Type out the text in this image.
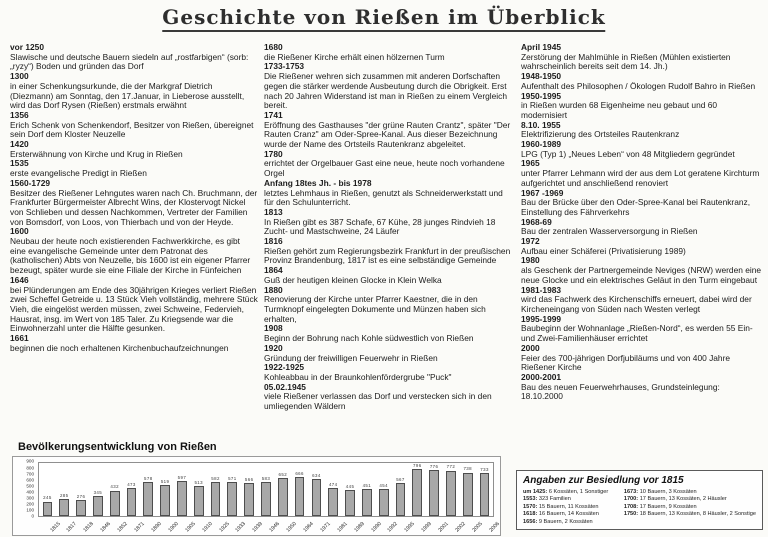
Geschichte von Rießen im Überblick
vor 1250
Slawische und deutsche Bauern siedeln auf „rostfarbigen“ (sorb: „ryzy“) Boden und gründen das Dorf
1300
in einer Schenkungsurkunde, die der Markgraf Dietrich (Diezmann) am Sonntag, den 17.Januar, in Lieberose ausstellt, wird das Dorf Rysen (Rießen) erstmals erwähnt
1356
Erich Schenk von Schenkendorf, Besitzer von Rießen, übereignet sein Dorf dem Kloster Neuzelle
1420
Ersterwähnung von Kirche und Krug in Rießen
1535
erste evangelische Predigt in Rießen
1560-1729
Besitzer des Rießener Lehngutes waren nach Ch. Bruchmann, der Frankfurter Bürgermeister Albrecht Wins, der Klostervogt Nickel von Schlieben und dessen Nachkommen, Vertreter der Familien von Bomsdorf, von Loos, von Thierbach und von der Heyde.
1600
Neubau der heute noch existierenden Fachwerkkirche, es gibt eine evangelische Gemeinde unter dem Patronat des (katholischen) Abts von Neuzelle, bis 1600 ist ein eigener Pfarrer bezeugt, später wurde sie eine Filiale der Kirche in Fünfeichen
1646
bei Plünderungen am Ende des 30jährigen Krieges verliert Rießen zwei Scheffel Getreide u. 13 Stück Vieh vollständig, mehrere Stück Vieh, die eingelöst werden müssen, zwei Schweine, Federvieh, Hausrat, insg. im Wert von 185 Taler. Zu Kriegsende war die Einwohnerzahl unter die Hälfte gesunken.
1661
beginnen die noch erhaltenen Kirchenbuchaufzeichnungen
1680
die Rießener Kirche erhält einen hölzernen Turm
1733-1753
Die Rießener wehren sich zusammen mit anderen Dorfschaften gegen die stärker werdende Ausbeutung durch die Obrigkeit. Erst nach 20 Jahren Widerstand ist man in Rießen zu einem Vergleich bereit.
1741
Eröffnung des Gasthauses "der grüne Rauten Crantz", später "Der Rauten Cranz" am Oder-Spree-Kanal. Aus dieser Bezeichnung wurde der Name des Ortsteils Rautenkranz abgeleitet.
1780
errichtet der Orgelbauer Gast eine neue, heute noch vorhandene Orgel
Anfang 18tes Jh. - bis 1978
letztes Lehmhaus in Rießen, genutzt als Schneiderwerkstatt und für den Schulunterricht.
1813
In Rießen gibt es 387 Schafe, 67 Kühe, 28 junges Rindvieh 18 Zucht- und Mastschweine, 24 Läufer
1816
Rießen gehört zum Regierungsbezirk Frankfurt in der preußischen Provinz Brandenburg, 1817 ist es eine selbständige Gemeinde
1864
Guß der heutigen kleinen Glocke in Klein Welka
1880
Renovierung der Kirche unter Pfarrer Kaestner, die in den Turmknopf eingelegten Dokumente und Münzen haben sich erhalten,
1908
Beginn der Bohrung nach Kohle südwestlich von Rießen
1920
Gründung der freiwilligen Feuerwehr in Rießen
1922-1925
Kohleabbau in der Braunkohlenfördergrube "Puck"
05.02.1945
viele Rießener verlassen das Dorf und verstecken sich in den umliegenden Wäldern
April 1945
Zerstörung der Mahlmühle in Rießen (Mühlen existierten wahrscheinlich bereits seit dem 14. Jh.)
1948-1950
Aufenthalt des Philosophen / Ökologen Rudolf Bahro in Rießen
1950-1995
in Rießen wurden 68 Eigenheime neu gebaut und 60 modernisiert
8.10. 1955
Elektrifizierung des Ortsteiles Rautenkranz
1960-1989
LPG (Typ 1) „Neues Leben“ von 48 Mitgliedern gegründet
1965
unter Pfarrer Lehmann wird der aus dem Lot geratene Kirchturm aufgerichtet und anschließend renoviert
1967 -1969
Bau der Brücke über den Oder-Spree-Kanal bei Rautenkranz, Einstellung des Fährverkehrs
1968-69
Bau der zentralen Wasserversorgung in Rießen
1972
Aufbau einer Schäferei (Privatisierung 1989)
1980
als Geschenk der Partnergemeinde Neviges (NRW) werden eine neue Glocke und ein elektrisches Geläut in den Turm eingebaut
1981-1983
wird das Fachwerk des Kirchenschiffs erneuert, dabei wird der Kircheneingang von Süden nach Westen verlegt
1995-1999
Baubeginn der Wohnanlage „Rießen-Nord“, es werden 55 Ein- und Zwei-Familienhäuser errichtet
2000
Feier des 700-jährigen Dorfjubiläums und von 400 Jahre Rießener Kirche
2000-2001
Bau des neuen Feuerwehrhauses, Grundsteinlegung: 18.10.2000
Bevölkerungsentwicklung von Rießen
0
100
200
300
400
500
600
700
800
900
245 285 276
345
432 473
578
519
597
513
582 571 566 583
652 666 634
474 445 451 454
567
796 776 772 738 733
1815 1817 1818 1846 1852 1871 1890 1900 1905 1910 1925 1933 1939 1946 1950 1964 1971 1981 1989 1990 1992 1995 1999 2001 2002 2005 2006
Angaben zur Besiedlung vor 1815
um 1425: 6 Kossäten, 1 Sonstiger
1553: 323 Familien
1570: 15 Bauern, 11 Kossäten
1618: 16 Bauern, 14 Kossäten
1656: 9 Bauern, 2 Kossäten
1673: 10 Bauern, 3 Kossäten
1700: 17 Bauern, 13 Kossäten, 2 Häusler
1708: 17 Bauern, 9 Kossäten
1750: 18 Bauern, 13 Kossäten, 8 Häusler, 2 Sonstige
